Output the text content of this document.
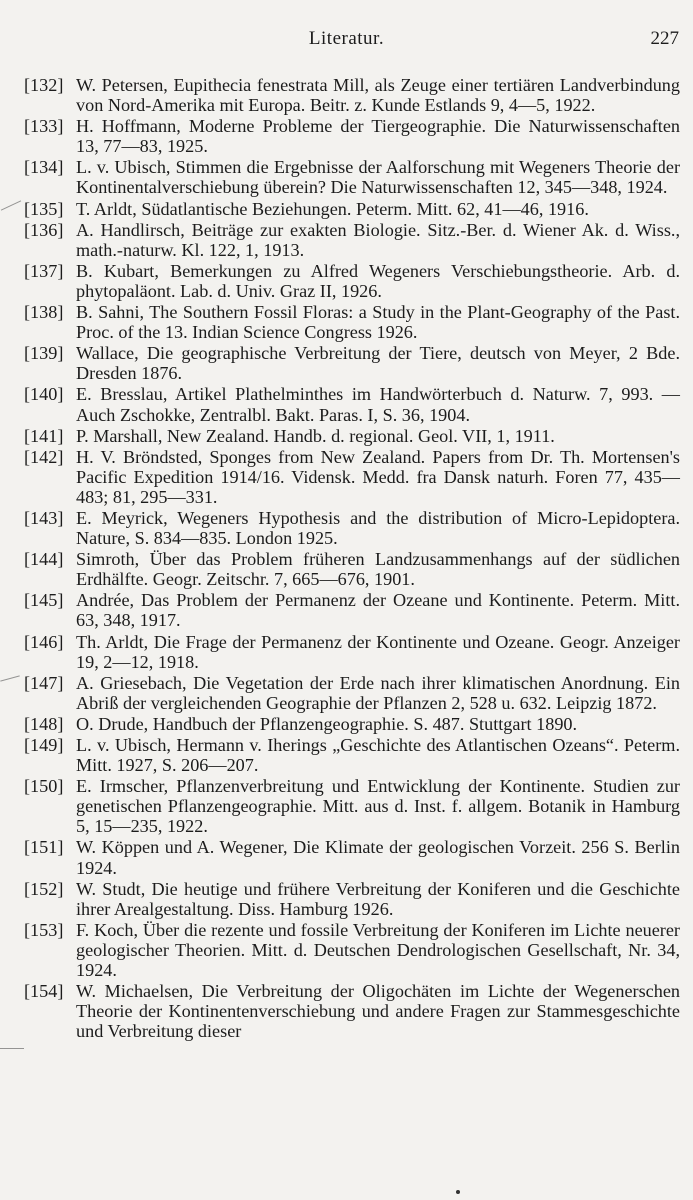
Literatur.	227
[132] W. Petersen, Eupithecia fenestrata Mill, als Zeuge einer tertiären Landverbindung von Nord-Amerika mit Europa. Beitr. z. Kunde Estlands 9, 4—5, 1922.
[133] H. Hoffmann, Moderne Probleme der Tiergeographie. Die Naturwissenschaften 13, 77—83, 1925.
[134] L. v. Ubisch, Stimmen die Ergebnisse der Aalforschung mit Wegeners Theorie der Kontinentalverschiebung überein? Die Naturwissenschaften 12, 345—348, 1924.
[135] T. Arldt, Südatlantische Beziehungen. Peterm. Mitt. 62, 41—46, 1916.
[136] A. Handlirsch, Beiträge zur exakten Biologie. Sitz.-Ber. d. Wiener Ak. d. Wiss., math.-naturw. Kl. 122, 1, 1913.
[137] B. Kubart, Bemerkungen zu Alfred Wegeners Verschiebungstheorie. Arb. d. phytopaläont. Lab. d. Univ. Graz II, 1926.
[138] B. Sahni, The Southern Fossil Floras: a Study in the Plant-Geography of the Past. Proc. of the 13. Indian Science Congress 1926.
[139] Wallace, Die geographische Verbreitung der Tiere, deutsch von Meyer, 2 Bde. Dresden 1876.
[140] E. Bresslau, Artikel Plathelminthes im Handwörterbuch d. Naturw. 7, 993. — Auch Zschokke, Zentralbl. Bakt. Paras. I, S. 36, 1904.
[141] P. Marshall, New Zealand. Handb. d. regional. Geol. VII, 1, 1911.
[142] H. V. Bröndsted, Sponges from New Zealand. Papers from Dr. Th. Mortensen's Pacific Expedition 1914/16. Vidensk. Medd. fra Dansk naturh. Foren 77, 435—483; 81, 295—331.
[143] E. Meyrick, Wegeners Hypothesis and the distribution of Micro-Lepidoptera. Nature, S. 834—835. London 1925.
[144] Simroth, Über das Problem früheren Landzusammenhangs auf der südlichen Erdhälfte. Geogr. Zeitschr. 7, 665—676, 1901.
[145] Andrée, Das Problem der Permanenz der Ozeane und Kontinente. Peterm. Mitt. 63, 348, 1917.
[146] Th. Arldt, Die Frage der Permanenz der Kontinente und Ozeane. Geogr. Anzeiger 19, 2—12, 1918.
[147] A. Griesebach, Die Vegetation der Erde nach ihrer klimatischen Anordnung. Ein Abriß der vergleichenden Geographie der Pflanzen 2, 528 u. 632. Leipzig 1872.
[148] O. Drude, Handbuch der Pflanzengeographie. S. 487. Stuttgart 1890.
[149] L. v. Ubisch, Hermann v. Iherings „Geschichte des Atlantischen Ozeans“. Peterm. Mitt. 1927, S. 206—207.
[150] E. Irmscher, Pflanzenverbreitung und Entwicklung der Kontinente. Studien zur genetischen Pflanzengeographie. Mitt. aus d. Inst. f. allgem. Botanik in Hamburg 5, 15—235, 1922.
[151] W. Köppen und A. Wegener, Die Klimate der geologischen Vorzeit. 256 S. Berlin 1924.
[152] W. Studt, Die heutige und frühere Verbreitung der Koniferen und die Geschichte ihrer Arealgestaltung. Diss. Hamburg 1926.
[153] F. Koch, Über die rezente und fossile Verbreitung der Koniferen im Lichte neuerer geologischer Theorien. Mitt. d. Deutschen Dendrologischen Gesellschaft, Nr. 34, 1924.
[154] W. Michaelsen, Die Verbreitung der Oligochäten im Lichte der Wegenerschen Theorie der Kontinentenverschiebung und andere Fragen zur Stammesgeschichte und Verbreitung dieser
